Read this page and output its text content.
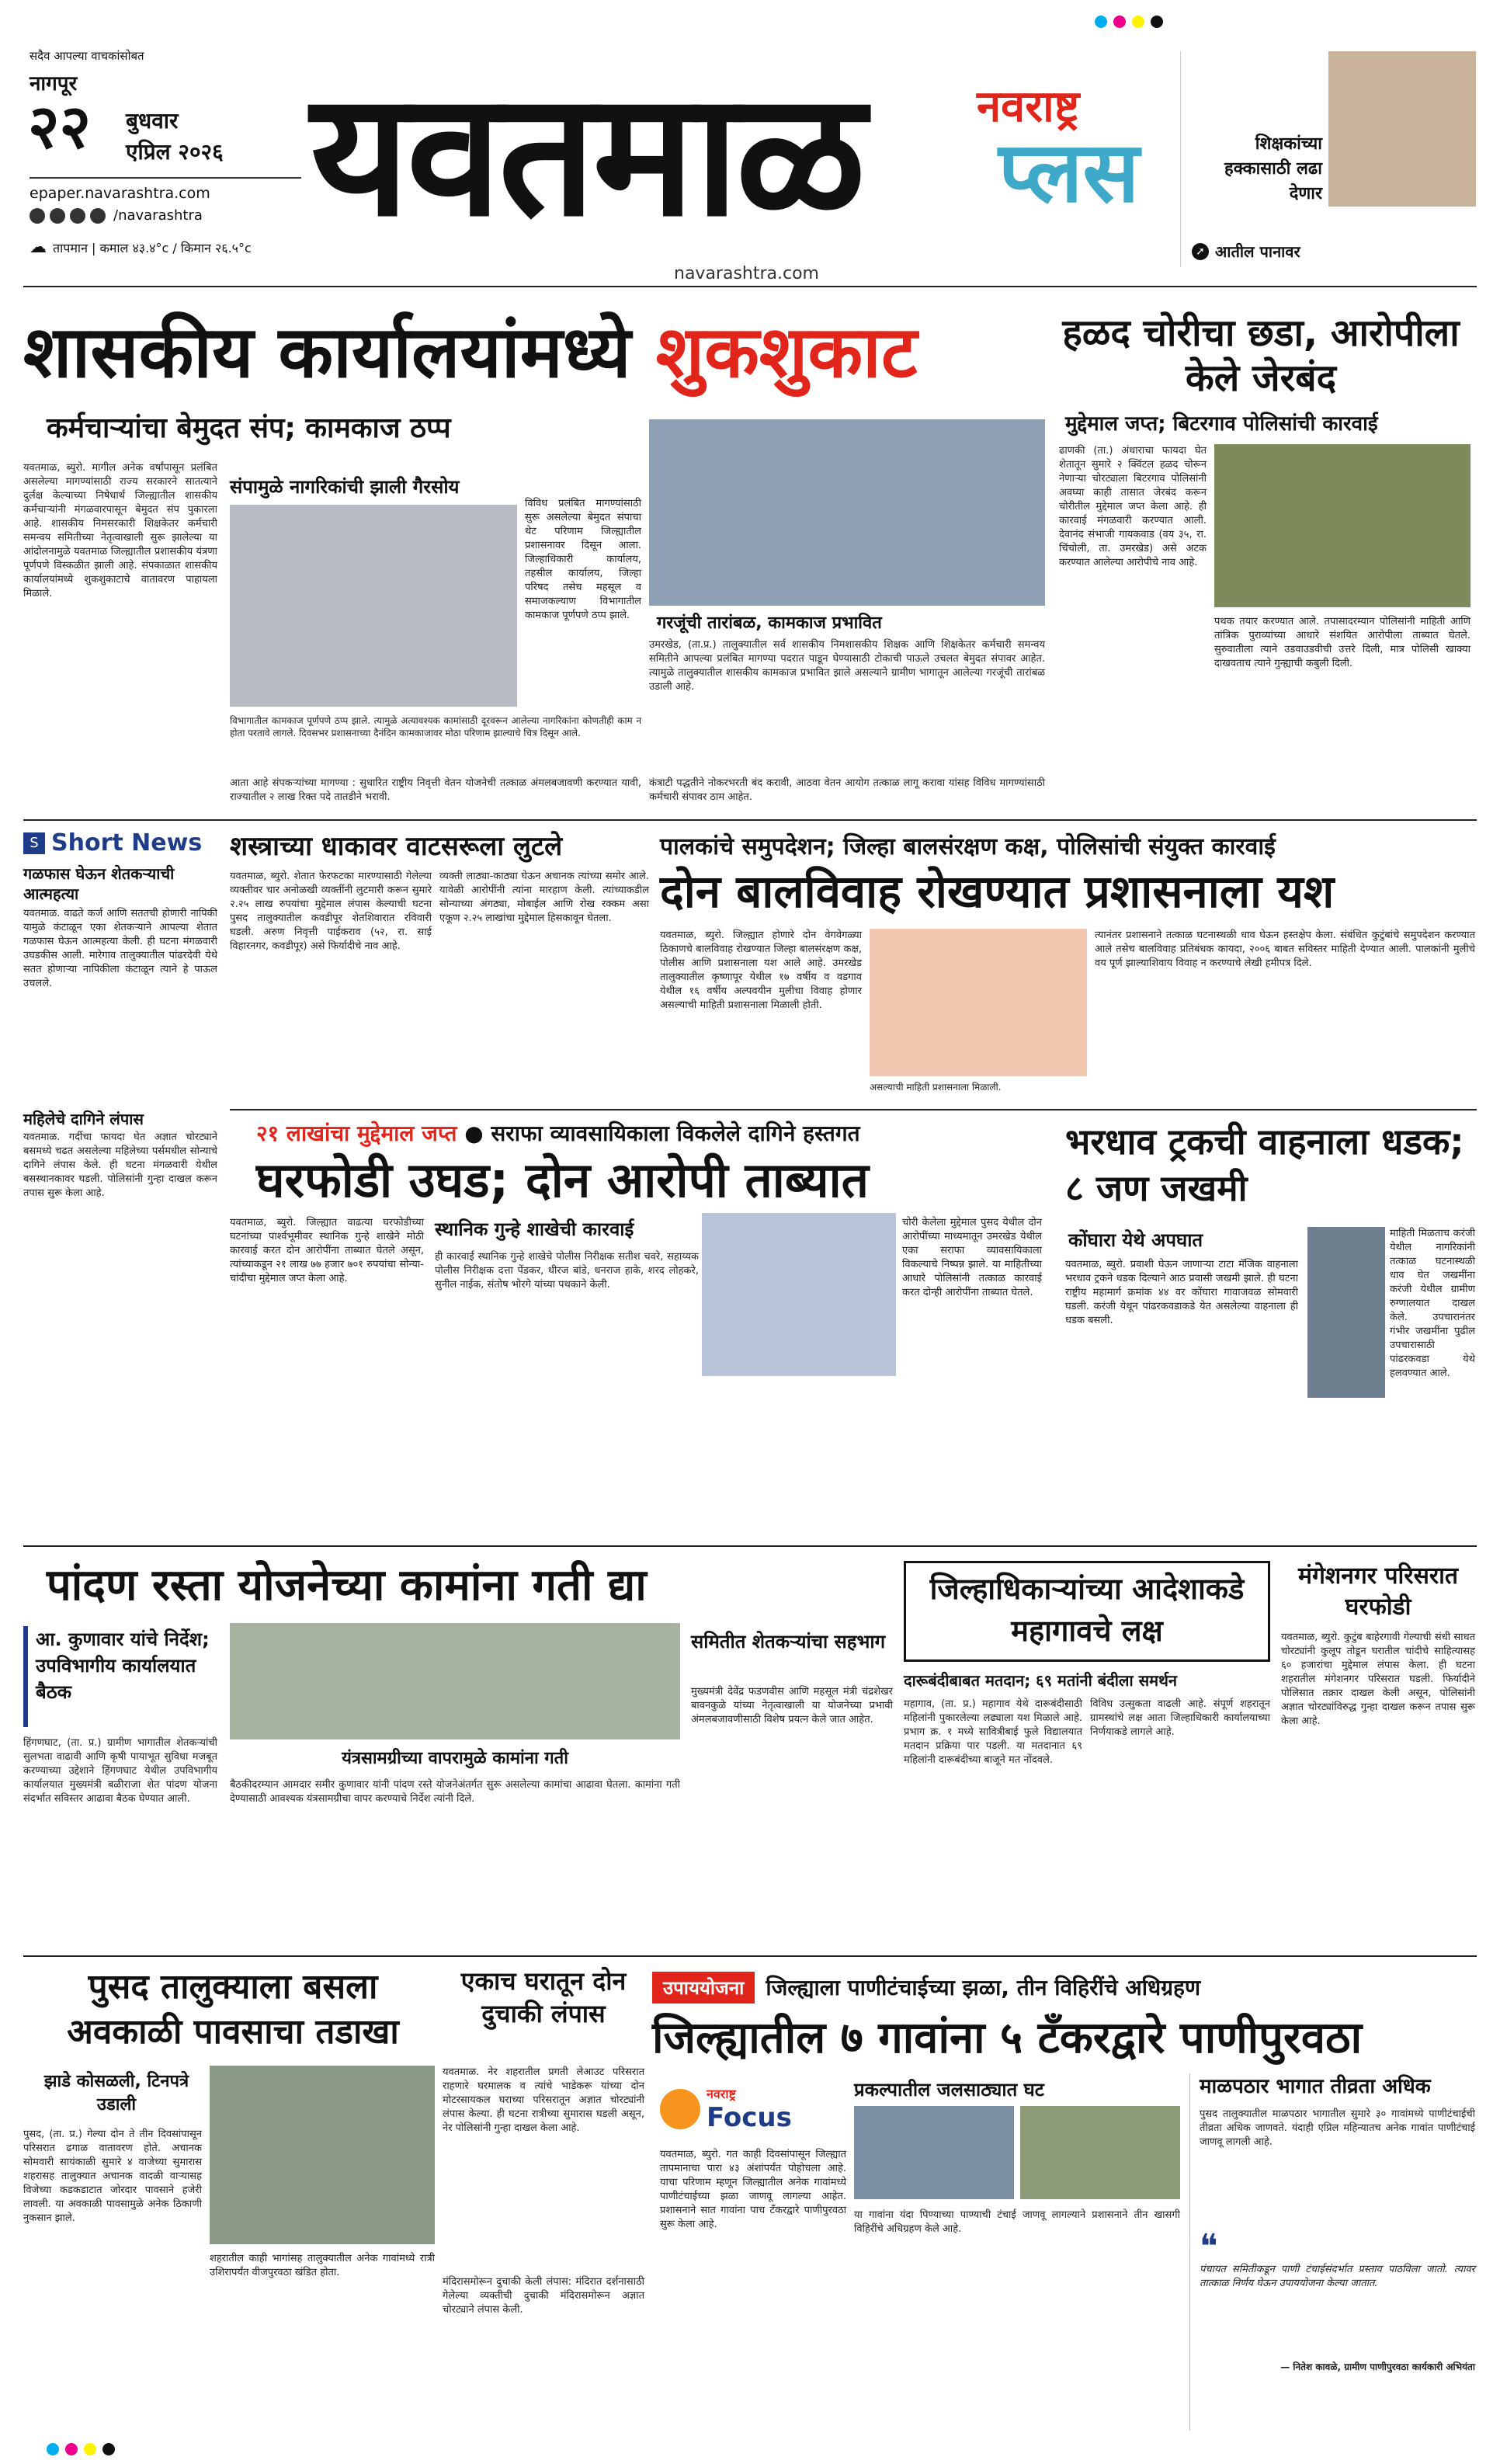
सदैव आपल्या वाचकांसोबत
नागपूर
२२ बुधवार
एप्रिल २०२६
epaper.navarashtra.com
/navarashtra
☁ तापमान | कमाल ४३.४°c / किमान २६.५°c यवतमाळ	नवराष्ट्र
प्लस
navarashtra.com
शिक्षकांच्या हक्कासाठी लढा देणार
➚ आतील पानावर
शासकीय कार्यालयांमध्ये शुकशुकाट
कर्मचाऱ्यांचा बेमुदत संप; कामकाज ठप्प
यवतमाळ, ब्युरो. मागील अनेक वर्षांपासून प्रलंबित असलेल्या मागण्यांसाठी राज्य सरकारने सातत्याने दुर्लक्ष केल्याच्या निषेधार्थ जिल्ह्यातील शासकीय कर्मचाऱ्यांनी मंगळवारपासून बेमुदत संप पुकारला आहे. शासकीय निमसरकारी शिक्षकेतर कर्मचारी समन्वय समितीच्या नेतृत्वाखाली सुरू झालेल्या या आंदोलनामुळे यवतमाळ जिल्ह्यातील प्रशासकीय यंत्रणा पूर्णपणे विस्कळीत झाली आहे. संपकाळात शासकीय कार्यालयांमध्ये शुकशुकाटाचे वातावरण पाहायला मिळाले.
संपामुळे नागरिकांची झाली गैरसोय
विविध प्रलंबित मागण्यांसाठी सुरू असलेल्या बेमुदत संपाचा थेट परिणाम जिल्ह्यातील प्रशासनावर दिसून आला. जिल्हाधिकारी कार्यालय, तहसील कार्यालय, जिल्हा परिषद तसेच महसूल व समाजकल्याण विभागातील कामकाज पूर्णपणे ठप्प झाले.
विभागातील कामकाज पूर्णपणे ठप्प झाले. त्यामुळे अत्यावश्यक कामांसाठी दूरवरून आलेल्या नागरिकांना कोणतीही काम न होता परतावे लागले. दिवसभर प्रशासनाच्या दैनंदिन कामकाजावर मोठा परिणाम झाल्याचे चित्र दिसून आले.
गरजूंची तारांबळ, कामकाज प्रभावित
उमरखेड, (ता.प्र.) तालुक्यातील सर्व शासकीय निमशासकीय शिक्षक आणि शिक्षकेतर कर्मचारी समन्वय समितीने आपल्या प्रलंबित मागण्या पदरात पाडून घेण्यासाठी टोकाची पाऊले उचलत बेमुदत संपावर आहेत. त्यामुळे तालुक्यातील शासकीय कामकाज प्रभावित झाले असल्याने ग्रामीण भागातून आलेल्या गरजूंची तारांबळ उडाली आहे.
आता आहे संपकऱ्यांच्या मागण्या : सुधारित राष्ट्रीय निवृत्ती वेतन योजनेची तत्काळ अंमलबजावणी करण्यात यावी, राज्यातील २ लाख रिक्त पदे तातडीने भरावी.
कंत्राटी पद्धतीने नोकरभरती बंद करावी, आठवा वेतन आयोग तत्काळ लागू करावा यांसह विविध मागण्यांसाठी कर्मचारी संपावर ठाम आहेत.
हळद चोरीचा छडा, आरोपीला केले जेरबंद
मुद्देमाल जप्त; बिटरगाव पोलिसांची कारवाई
ढाणकी (ता.) अंधाराचा फायदा घेत शेतातून सुमारे २ क्विंटल हळद चोरून नेणाऱ्या चोरट्याला बिटरगाव पोलिसांनी अवघ्या काही तासात जेरबंद करून चोरीतील मुद्देमाल जप्त केला आहे. ही कारवाई मंगळवारी करण्यात आली. देवानंद संभाजी गायकवाड (वय ३५, रा. चिंचोली, ता. उमरखेड) असे अटक करण्यात आलेल्या आरोपीचे नाव आहे.
पथक तयार करण्यात आले. तपासादरम्यान पोलिसांनी माहिती आणि तांत्रिक पुराव्यांच्या आधारे संशयित आरोपीला ताब्यात घेतले. सुरुवातीला त्याने उडवाउडवीची उत्तरे दिली, मात्र पोलिसी खाक्या दाखवताच त्याने गुन्ह्याची कबुली दिली.
S Short News
गळफास घेऊन शेतकऱ्याची आत्महत्या
यवतमाळ. वाढते कर्ज आणि सततची होणारी नापिकी यामुळे कंटाळून एका शेतकऱ्याने आपल्या शेतात गळफास घेऊन आत्महत्या केली. ही घटना मंगळवारी उघडकीस आली. मारेगाव तालुक्यातील पांढरदेवी येथे सतत होणाऱ्या नापिकीला कंटाळून त्याने हे पाऊल उचलले.
महिलेचे दागिने लंपास
यवतमाळ. गर्दीचा फायदा घेत अज्ञात चोरट्याने बसमध्ये चढत असलेल्या महिलेच्या पर्समधील सोन्याचे दागिने लंपास केले. ही घटना मंगळवारी येथील बसस्थानकावर घडली. पोलिसांनी गुन्हा दाखल करून तपास सुरू केला आहे.
शस्त्राच्या धाकावर वाटसरूला लुटले
यवतमाळ, ब्युरो. शेतात फेरफटका मारण्यासाठी गेलेल्या व्यक्तीवर चार अनोळखी व्यक्तींनी लुटमारी करून सुमारे २.२५ लाख रुपयांचा मुद्देमाल लंपास केल्याची घटना पुसद तालुक्यातील कवडीपूर शेतशिवारात रविवारी घडली. अरुण निवृत्ती पाईकराव (५२, रा. साई विहारनगर, कवडीपूर) असे फिर्यादीचे नाव आहे.
व्यक्ती लाठ्या-काठ्या घेऊन अचानक त्यांच्या समोर आले. यावेळी आरोपींनी त्यांना मारहाण केली. त्यांच्याकडील सोन्याच्या अंगठ्या, मोबाईल आणि रोख रक्कम असा एकूण २.२५ लाखांचा मुद्देमाल हिसकावून घेतला.
पालकांचे समुपदेशन; जिल्हा बालसंरक्षण कक्ष, पोलिसांची संयुक्त कारवाई
दोन बालविवाह रोखण्यात प्रशासनाला यश
यवतमाळ, ब्युरो. जिल्ह्यात होणारे दोन वेगवेगळ्या ठिकाणचे बालविवाह रोखण्यात जिल्हा बालसंरक्षण कक्ष, पोलीस आणि प्रशासनाला यश आले आहे. उमरखेड तालुक्यातील कृष्णापूर येथील १७ वर्षीय व वडगाव येथील १६ वर्षीय अल्पवयीन मुलीचा विवाह होणार असल्याची माहिती प्रशासनाला मिळाली होती.
असल्याची माहिती प्रशासनाला मिळाली.
त्यानंतर प्रशासनाने तत्काळ घटनास्थळी धाव घेऊन हस्तक्षेप केला. संबंधित कुटुंबांचे समुपदेशन करण्यात आले तसेच बालविवाह प्रतिबंधक कायदा, २००६ बाबत सविस्तर माहिती देण्यात आली. पालकांनी मुलीचे वय पूर्ण झाल्याशिवाय विवाह न करण्याचे लेखी हमीपत्र दिले.
२१ लाखांचा मुद्देमाल जप्त ● सराफा व्यावसायिकाला विकलेले दागिने हस्तगत
घरफोडी उघड; दोन आरोपी ताब्यात
यवतमाळ, ब्युरो. जिल्ह्यात वाढत्या घरफोडीच्या घटनांच्या पार्श्वभूमीवर स्थानिक गुन्हे शाखेने मोठी कारवाई करत दोन आरोपींना ताब्यात घेतले असून, त्यांच्याकडून २१ लाख ७७ हजार ७०१ रुपयांचा सोन्या-चांदीचा मुद्देमाल जप्त केला आहे.
स्थानिक गुन्हे शाखेची कारवाई
ही कारवाई स्थानिक गुन्हे शाखेचे पोलीस निरीक्षक सतीश चवरे, सहाय्यक पोलीस निरीक्षक दत्ता पेंडकर, धीरज बांडे, धनराज हाके, शरद लोहकरे, सुनील नाईक, संतोष भोरगे यांच्या पथकाने केली.
चोरी केलेला मुद्देमाल पुसद येथील दोन आरोपींच्या माध्यमातून उमरखेड येथील एका सराफा व्यावसायिकाला विकल्याचे निष्पन्न झाले. या माहितीच्या आधारे पोलिसांनी तत्काळ कारवाई करत दोन्ही आरोपींना ताब्यात घेतले.
भरधाव ट्रकची वाहनाला धडक; ८ जण जखमी
कोंघारा येथे अपघात
यवतमाळ, ब्युरो. प्रवाशी घेऊन जाणाऱ्या टाटा मॅजिक वाहनाला भरधाव ट्रकने धडक दिल्याने आठ प्रवासी जखमी झाले. ही घटना राष्ट्रीय महामार्ग क्रमांक ४४ वर कोंघारा गावाजवळ सोमवारी घडली. करंजी येथून पांढरकवडाकडे येत असलेल्या वाहनाला ही धडक बसली.
माहिती मिळताच करंजी येथील नागरिकांनी तत्काळ घटनास्थळी धाव घेत जखमींना करंजी येथील ग्रामीण रुग्णालयात दाखल केले. उपचारानंतर गंभीर जखमींना पुढील उपचारासाठी पांढरकवडा येथे हलवण्यात आले.
पांदण रस्ता योजनेच्या कामांना गती द्या
आ. कुणावार यांचे निर्देश; उपविभागीय कार्यालयात बैठक
यंत्रसामग्रीच्या वापरामुळे कामांना गती
हिंगणघाट, (ता. प्र.) ग्रामीण भागातील शेतकऱ्यांची सुलभता वाढावी आणि कृषी पायाभूत सुविधा मजबूत करण्याच्या उद्देशाने हिंगणघाट येथील उपविभागीय कार्यालयात मुख्यमंत्री बळीराजा शेत पांदण योजना संदर्भात सविस्तर आढावा बैठक घेण्यात आली.
बैठकीदरम्यान आमदार समीर कुणावार यांनी पांदण रस्ते योजनेअंतर्गत सुरू असलेल्या कामांचा आढावा घेतला. कामांना गती देण्यासाठी आवश्यक यंत्रसामग्रीचा वापर करण्याचे निर्देश त्यांनी दिले.
समितीत शेतकऱ्यांचा सहभाग
मुख्यमंत्री देवेंद्र फडणवीस आणि महसूल मंत्री चंद्रशेखर बावनकुळे यांच्या नेतृत्वाखाली या योजनेच्या प्रभावी अंमलबजावणीसाठी विशेष प्रयत्न केले जात आहेत.
जिल्हाधिकाऱ्यांच्या आदेशाकडे महागावचे लक्ष
दारूबंदीबाबत मतदान; ६९ मतांनी बंदीला समर्थन
महागाव, (ता. प्र.) महागाव येथे दारूबंदीसाठी महिलांनी पुकारलेल्या लढ्याला यश मिळाले आहे. प्रभाग क्र. १ मध्ये सावित्रीबाई फुले विद्यालयात मतदान प्रक्रिया पार पडली. या मतदानात ६९ महिलांनी दारूबंदीच्या बाजूने मत नोंदवले.
विविध उत्सुकता वाढली आहे. संपूर्ण शहरातून ग्रामस्थांचे लक्ष आता जिल्हाधिकारी कार्यालयाच्या निर्णयाकडे लागले आहे.
मंगेशनगर परिसरात घरफोडी
यवतमाळ, ब्युरो. कुटुंब बाहेरगावी गेल्याची संधी साधत चोरट्यांनी कुलूप तोडून घरातील चांदीचे साहित्यासह ६० हजारांचा मुद्देमाल लंपास केला. ही घटना शहरातील मंगेशनगर परिसरात घडली. फिर्यादीने पोलिसात तक्रार दाखल केली असून, पोलिसांनी अज्ञात चोरट्यांविरुद्ध गुन्हा दाखल करून तपास सुरू केला आहे.
पुसद तालुक्याला बसला अवकाळी पावसाचा तडाखा
झाडे कोसळली, टिनपत्रे उडाली
पुसद, (ता. प्र.) गेल्या दोन ते तीन दिवसांपासून परिसरात ढगाळ वातावरण होते. अचानक सोमवारी सायंकाळी सुमारे ४ वाजेच्या सुमारास शहरासह तालुक्यात अचानक वादळी वाऱ्यासह विजेच्या कडकडाटात जोरदार पावसाने हजेरी लावली. या अवकाळी पावसामुळे अनेक ठिकाणी नुकसान झाले.
शहरातील काही भागांसह तालुक्यातील अनेक गावांमध्ये रात्री उशिरापर्यंत वीजपुरवठा खंडित होता.
एकाच घरातून दोन दुचाकी लंपास
यवतमाळ. नेर शहरातील प्रगती लेआउट परिसरात राहणारे घरमालक व त्यांचे भाडेकरू यांच्या दोन मोटरसायकल घराच्या परिसरातून अज्ञात चोरट्यांनी लंपास केल्या. ही घटना रात्रीच्या सुमारास घडली असून, नेर पोलिसांनी गुन्हा दाखल केला आहे.
मंदिरासमोरून दुचाकी केली लंपास: मंदिरात दर्शनासाठी गेलेल्या व्यक्तीची दुचाकी मंदिरासमोरून अज्ञात चोरट्याने लंपास केली.
उपाययोजना	जिल्ह्याला पाणीटंचाईच्या झळा, तीन विहिरींचे अधिग्रहण
जिल्ह्यातील ७ गावांना ५ टँकरद्वारे पाणीपुरवठा
नवराष्ट्र
Focus
यवतमाळ, ब्युरो. गत काही दिवसांपासून जिल्ह्यात तापमानाचा पारा ४३ अंशांपर्यंत पोहोचला आहे. याचा परिणाम म्हणून जिल्ह्यातील अनेक गावांमध्ये पाणीटंचाईच्या झळा जाणवू लागल्या आहेत. प्रशासनाने सात गावांना पाच टँकरद्वारे पाणीपुरवठा सुरू केला आहे.
प्रकल्पातील जलसाठ्यात घट
या गावांना यंदा पिण्याच्या पाण्याची टंचाई जाणवू लागल्याने प्रशासनाने तीन खासगी विहिरींचे अधिग्रहण केले आहे.
माळपठार भागात तीव्रता अधिक
पुसद तालुक्यातील माळपठार भागातील सुमारे ३० गावांमध्ये पाणीटंचाईची तीव्रता अधिक जाणवते. यंदाही एप्रिल महिन्यातच अनेक गावांत पाणीटंचाई जाणवू लागली आहे.
❝
पंचायत समितीकडून पाणी टंचाईसंदर्भात प्रस्ताव पाठविला जातो. त्यावर तात्काळ निर्णय घेऊन उपाययोजना केल्या जातात.
— नितेश कावळे, ग्रामीण पाणीपुरवठा कार्यकारी अभियंता
